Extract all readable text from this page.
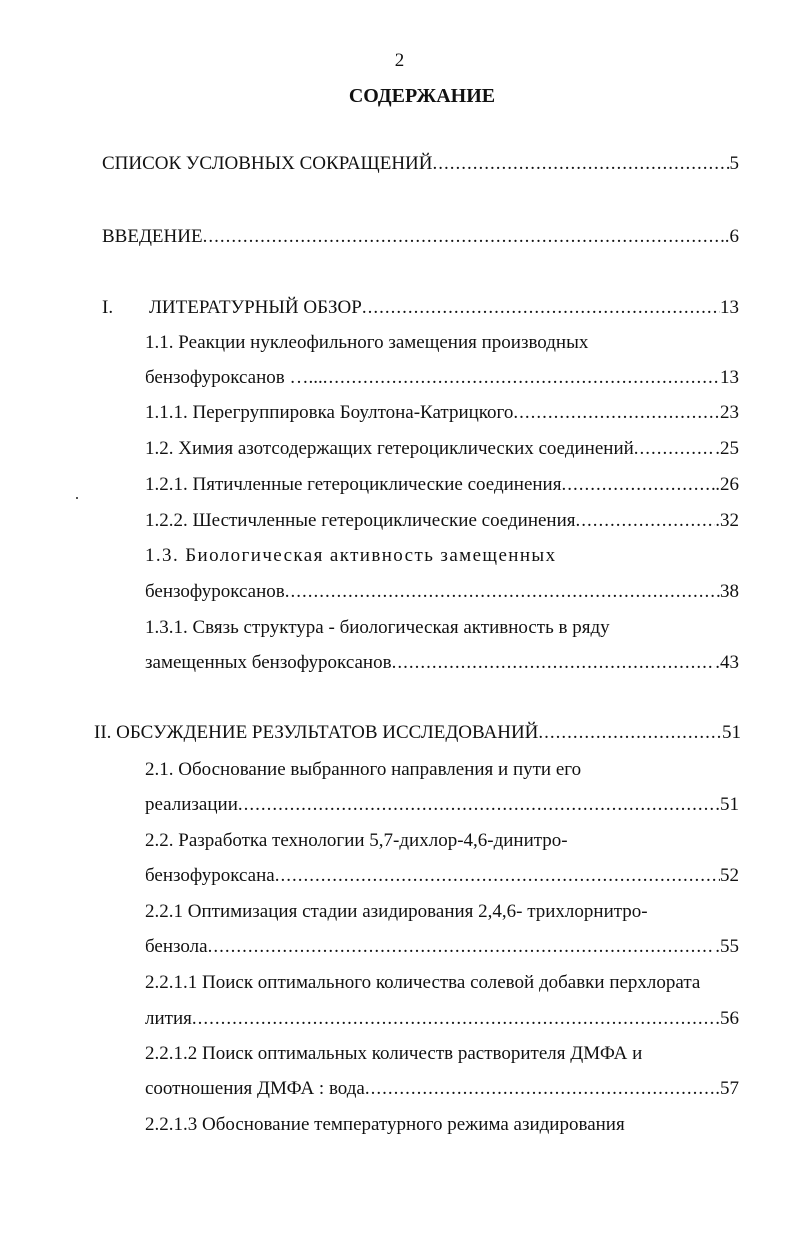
2
СОДЕРЖАНИЕ
СПИСОК УСЛОВНЫХ СОКРАЩЕНИЙ .....	5
ВВЕДЕНИЕ .....	.6
I.	ЛИТЕРАТУРНЫЙ ОБЗОР .....	13
1.1. Реакции нуклеофильного замещения производных
бензофуроксанов …... .....	13
1.1.1. Перегруппировка Боултона-Катрицкого .....	23
1.2. Химия азотсодержащих гетероциклических соединений .....	.25
1.2.1. Пятичленные гетероциклические соединения .....	.26
1.2.2. Шестичленные гетероциклические соединения .....	.32
1.3. Биологическая активность замещенных
бензофуроксанов .....	38
1.3.1. Связь структура - биологическая активность в ряду
замещенных бензофуроксанов .....	.43
II. ОБСУЖДЕНИЕ РЕЗУЛЬТАТОВ ИССЛЕДОВАНИЙ .....	51
2.1. Обоснование выбранного направления и пути его
реализации .....	.51
2.2. Разработка технологии 5,7-дихлор-4,6-динитро-
бензофуроксана .....	52
2.2.1 Оптимизация стадии азидирования 2,4,6- трихлорнитро-
бензола .....	.55
2.2.1.1 Поиск оптимального количества солевой добавки перхлората
лития .....	.56
2.2.1.2 Поиск оптимальных количеств растворителя ДМФА и
соотношения ДМФА : вода .....	.57
2.2.1.3 Обоснование температурного режима азидирования
